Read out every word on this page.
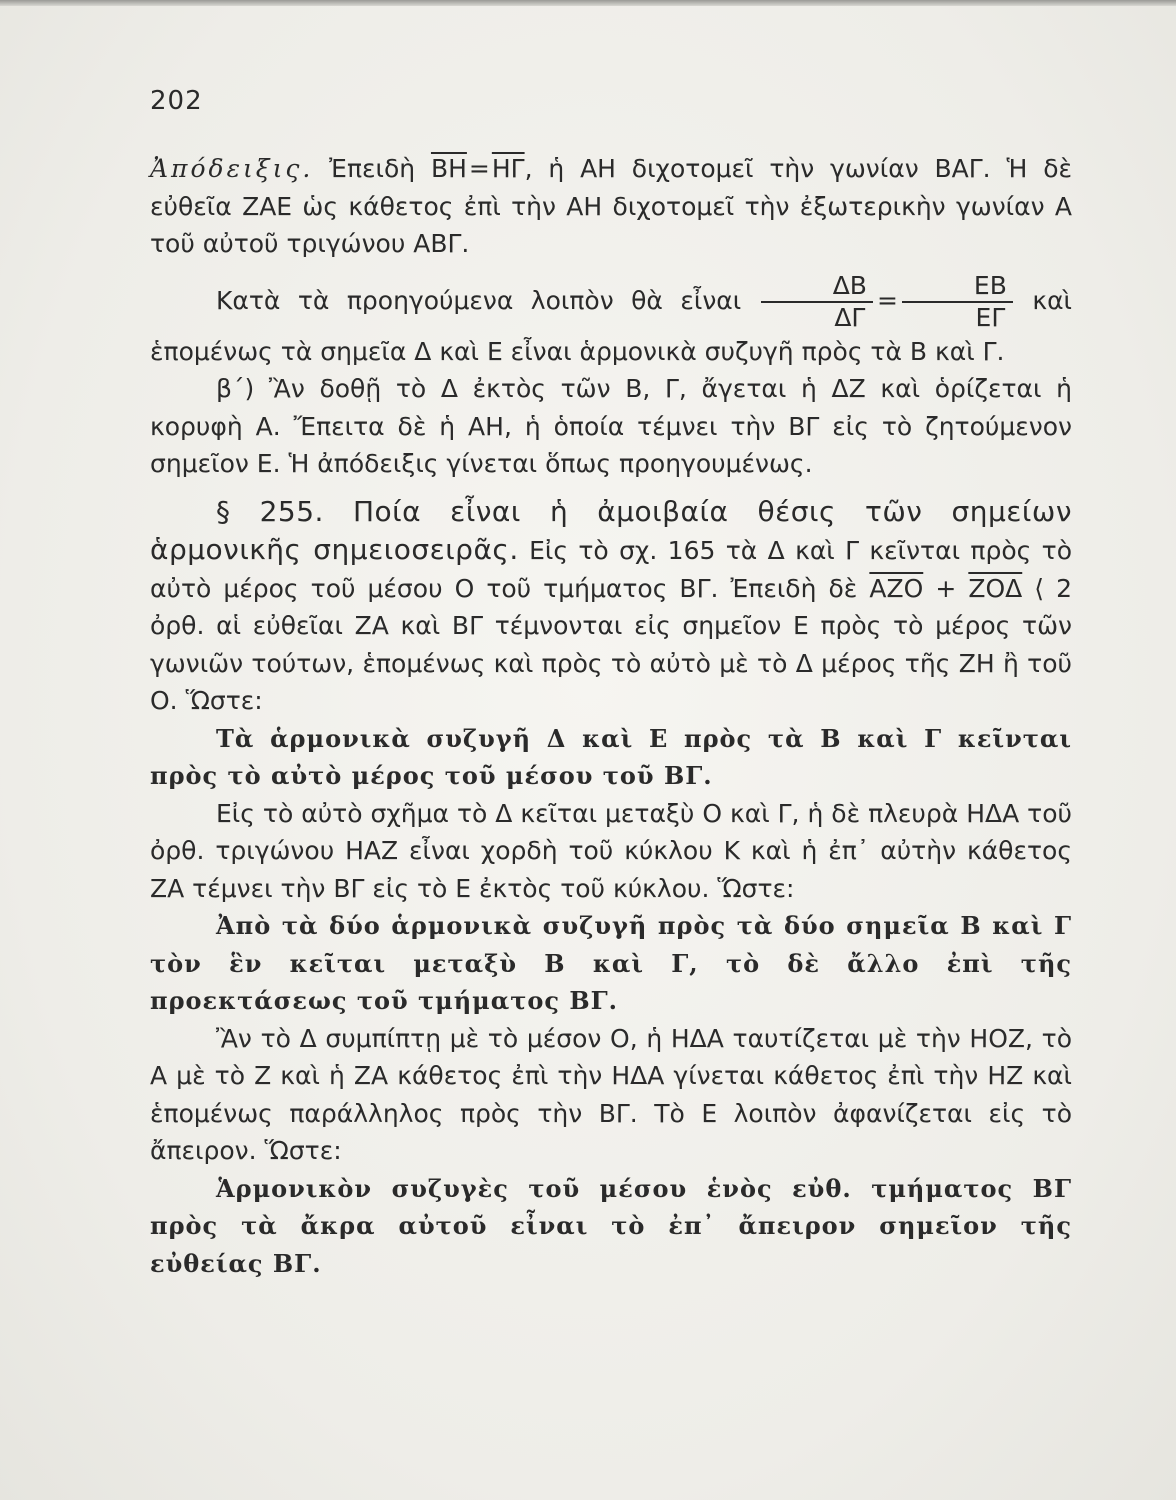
202

Ἀπόδειξις. Ἐπειδὴ $\overline{BH}=\overline{H\Gamma}$, ἡ ΑΗ διχοτομεῖ τὴν γωνίαν ΒΑΓ. Ἡ δὲ εὐθεῖα ΖΑΕ ὡς κάθετος ἐπὶ τὴν ΑΗ διχοτομεῖ τὴν ἐξωτερικὴν γωνίαν Α τοῦ αὐτοῦ τριγώνου ΑΒΓ.

Κατὰ τὰ προηγούμενα λοιπὸν θὰ εἶναι $\frac{\Delta B}{\Delta\Gamma} = \frac{EB}{E\Gamma}$ καὶ ἑπομένως τὰ σημεῖα Δ καὶ Ε εἶναι ἁρμονικὰ συζυγῆ πρὸς τὰ Β καὶ Γ.

β΄) Ἂν δοθῇ τὸ Δ ἐκτὸς τῶν Β, Γ, ἄγεται ἡ ΔΖ καὶ ὁρίζεται ἡ κορυφὴ Α. Ἔπειτα δὲ ἡ ΑΗ, ἡ ὁποία τέμνει τὴν ΒΓ εἰς τὸ ζητούμενον σημεῖον Ε. Ἡ ἀπόδειξις γίνεται ὅπως προηγουμένως.

§ 255. Ποία εἶναι ἡ ἀμοιβαία θέσις τῶν σημείων ἁρμονικῆς σημειοσειρᾶς. Εἰς τὸ σχ. 165 τὰ Δ καὶ Γ κεῖνται πρὸς τὸ αὐτὸ μέρος τοῦ μέσου Ο τοῦ τμήματος ΒΓ. Ἐπειδὴ δὲ $\overline{AZO} + \overline{ZO\Delta}$ ⟨ 2 ὀρθ. αἱ εὐθεῖαι ΖΑ καὶ ΒΓ τέμνονται εἰς σημεῖον Ε πρὸς τὸ μέρος τῶν γωνιῶν τούτων, ἑπομένως καὶ πρὸς τὸ αὐτὸ μὲ τὸ Δ μέρος τῆς ΖΗ ἢ τοῦ Ο. Ὥστε:

Τὰ ἁρμονικὰ συζυγῆ Δ καὶ Ε πρὸς τὰ Β καὶ Γ κεῖνται πρὸς τὸ αὐτὸ μέρος τοῦ μέσου τοῦ ΒΓ.

Εἰς τὸ αὐτὸ σχῆμα τὸ Δ κεῖται μεταξὺ Ο καὶ Γ, ἡ δὲ πλευρὰ ΗΔΑ τοῦ ὀρθ. τριγώνου ΗΑΖ εἶναι χορδὴ τοῦ κύκλου Κ καὶ ἡ ἐπ᾽ αὐτὴν κάθετος ΖΑ τέμνει τὴν ΒΓ εἰς τὸ Ε ἐκτὸς τοῦ κύκλου. Ὥστε:

Ἀπὸ τὰ δύο ἁρμονικὰ συζυγῆ πρὸς τὰ δύο σημεῖα Β καὶ Γ τὸν ἓν κεῖται μεταξὺ Β καὶ Γ, τὸ δὲ ἄλλο ἐπὶ τῆς προεκτάσεως τοῦ τμήματος ΒΓ.

Ἂν τὸ Δ συμπίπτῃ μὲ τὸ μέσον Ο, ἡ ΗΔΑ ταυτίζεται μὲ τὴν ΗΟΖ, τὸ Α μὲ τὸ Ζ καὶ ἡ ΖΑ κάθετος ἐπὶ τὴν ΗΔΑ γίνεται κάθετος ἐπὶ τὴν ΗΖ καὶ ἑπομένως παράλληλος πρὸς τὴν ΒΓ. Τὸ Ε λοιπὸν ἀφανίζεται εἰς τὸ ἄπειρον. Ὥστε:

Ἁρμονικὸν συζυγὲς τοῦ μέσου ἑνὸς εὐθ. τμήματος ΒΓ πρὸς τὰ ἄκρα αὐτοῦ εἶναι τὸ ἐπ᾽ ἄπειρον σημεῖον τῆς εὐθείας ΒΓ.
